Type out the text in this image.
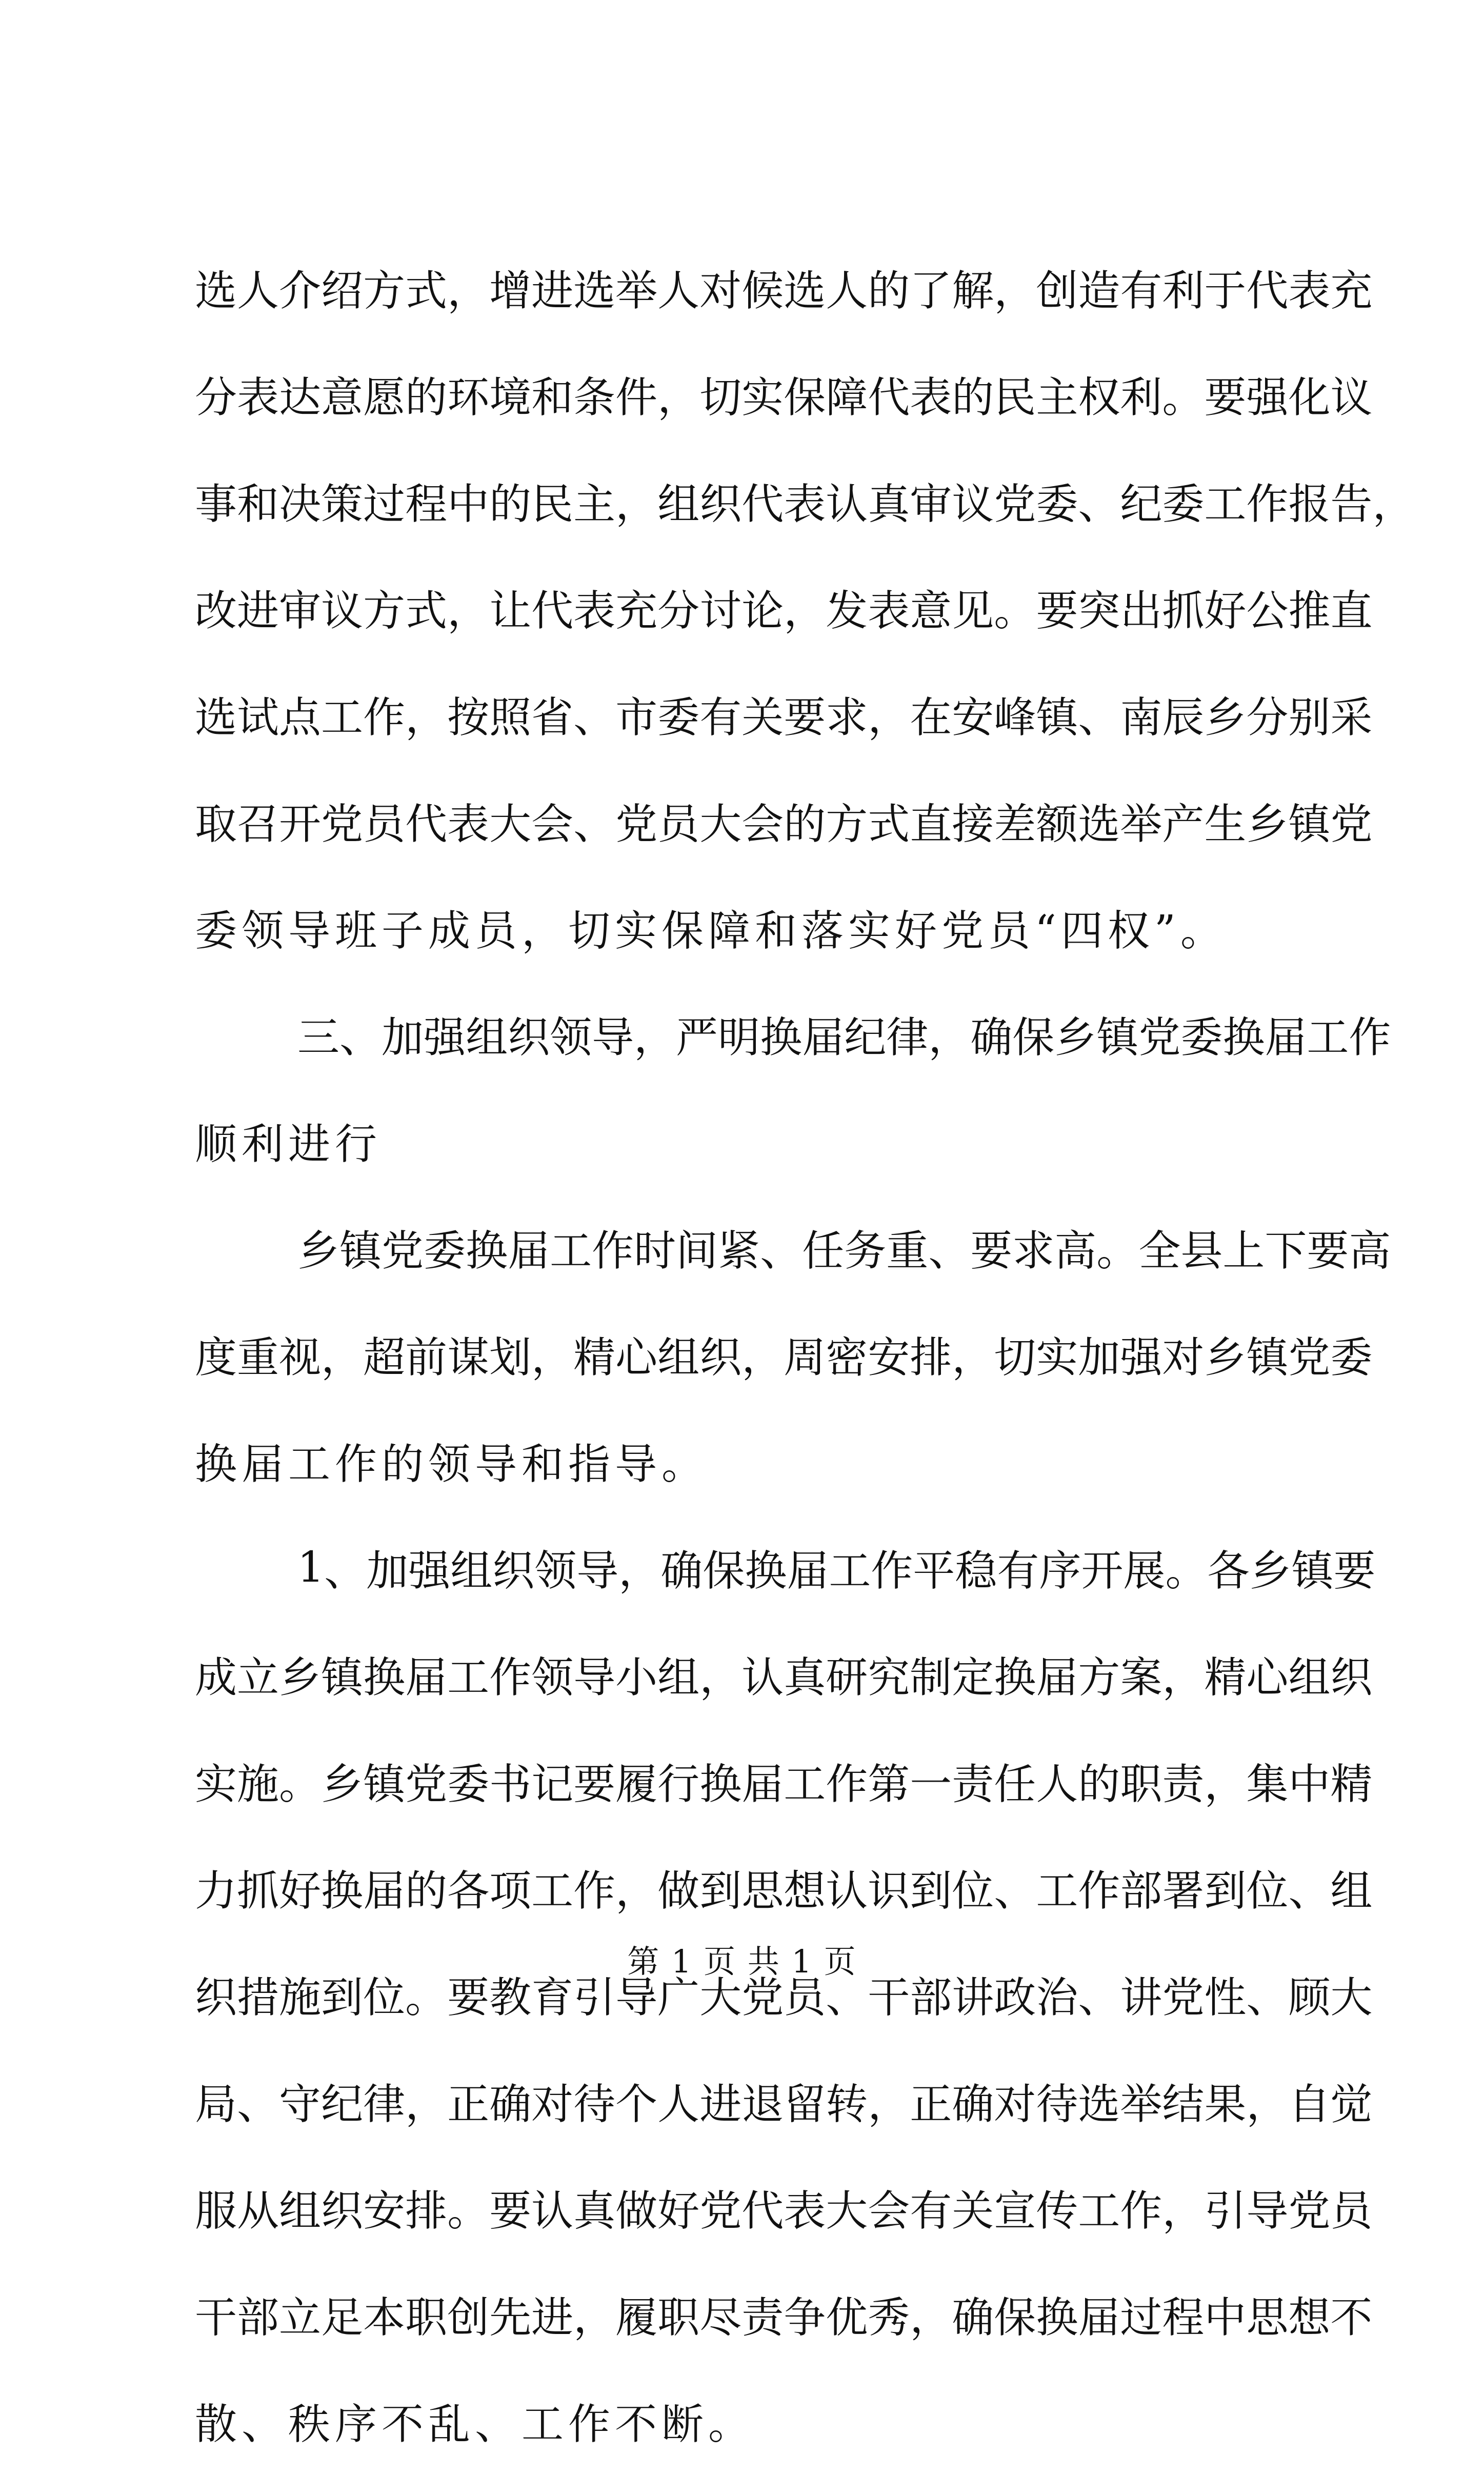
选 人 介 绍 方 式 ， 增 进 选 举 人 对 候 选 人 的 了 解 ， 创 造 有 利 于 代 表 充
分 表 达 意 愿 的 环 境 和 条 件 ， 切 实 保 障 代 表 的 民 主 权 利 。 要 强 化 议
事 和 决 策 过 程 中 的 民 主 ， 组 织 代 表 认 真 审 议 党 委 、 纪 委 工 作 报 告 ，
改 进 审 议 方 式 ， 让 代 表 充 分 讨 论 ， 发 表 意 见 。 要 突 出 抓 好 公 推 直
选 试 点 工 作 ， 按 照 省 、 市 委 有 关 要 求 ， 在 安 峰 镇 、 南 辰 乡 分 别 采
取 召 开 党 员 代 表 大 会 、 党 员 大 会 的 方 式 直 接 差 额 选 举 产 生 乡 镇 党
委领导班子成员，切实保障和落实好党员“四权”。
三 、 加 强 组 织 领 导 ， 严 明 换 届 纪 律 ， 确 保 乡 镇 党 委 换 届 工 作
顺利进行
乡 镇 党 委 换 届 工 作 时 间 紧 、 任 务 重 、 要 求 高 。 全 县 上 下 要 高
度 重 视 ， 超 前 谋 划 ， 精 心 组 织 ， 周 密 安 排 ， 切 实 加 强 对 乡 镇 党 委
换届工作的领导和指导。
1 、 加 强 组 织 领 导 ， 确 保 换 届 工 作 平 稳 有 序 开 展 。 各 乡 镇 要
成 立 乡 镇 换 届 工 作 领 导 小 组 ， 认 真 研 究 制 定 换 届 方 案 ， 精 心 组 织
实 施 。 乡 镇 党 委 书 记 要 履 行 换 届 工 作 第 一 责 任 人 的 职 责 ， 集 中 精
力 抓 好 换 届 的 各 项 工 作 ， 做 到 思 想 认 识 到 位 、 工 作 部 署 到 位 、 组
织 措 施 到 位 。 要 教 育 引 导 广 大 党 员 、 干 部 讲 政 治 、 讲 党 性 、 顾 大
局 、 守 纪 律 ， 正 确 对 待 个 人 进 退 留 转 ， 正 确 对 待 选 举 结 果 ， 自 觉
服 从 组 织 安 排 。 要 认 真 做 好 党 代 表 大 会 有 关 宣 传 工 作 ， 引 导 党 员
干 部 立 足 本 职 创 先 进 ， 履 职 尽 责 争 优 秀 ， 确 保 换 届 过 程 中 思 想 不
散、秩序不乱、工作不断。
第 1 页 共 1 页
